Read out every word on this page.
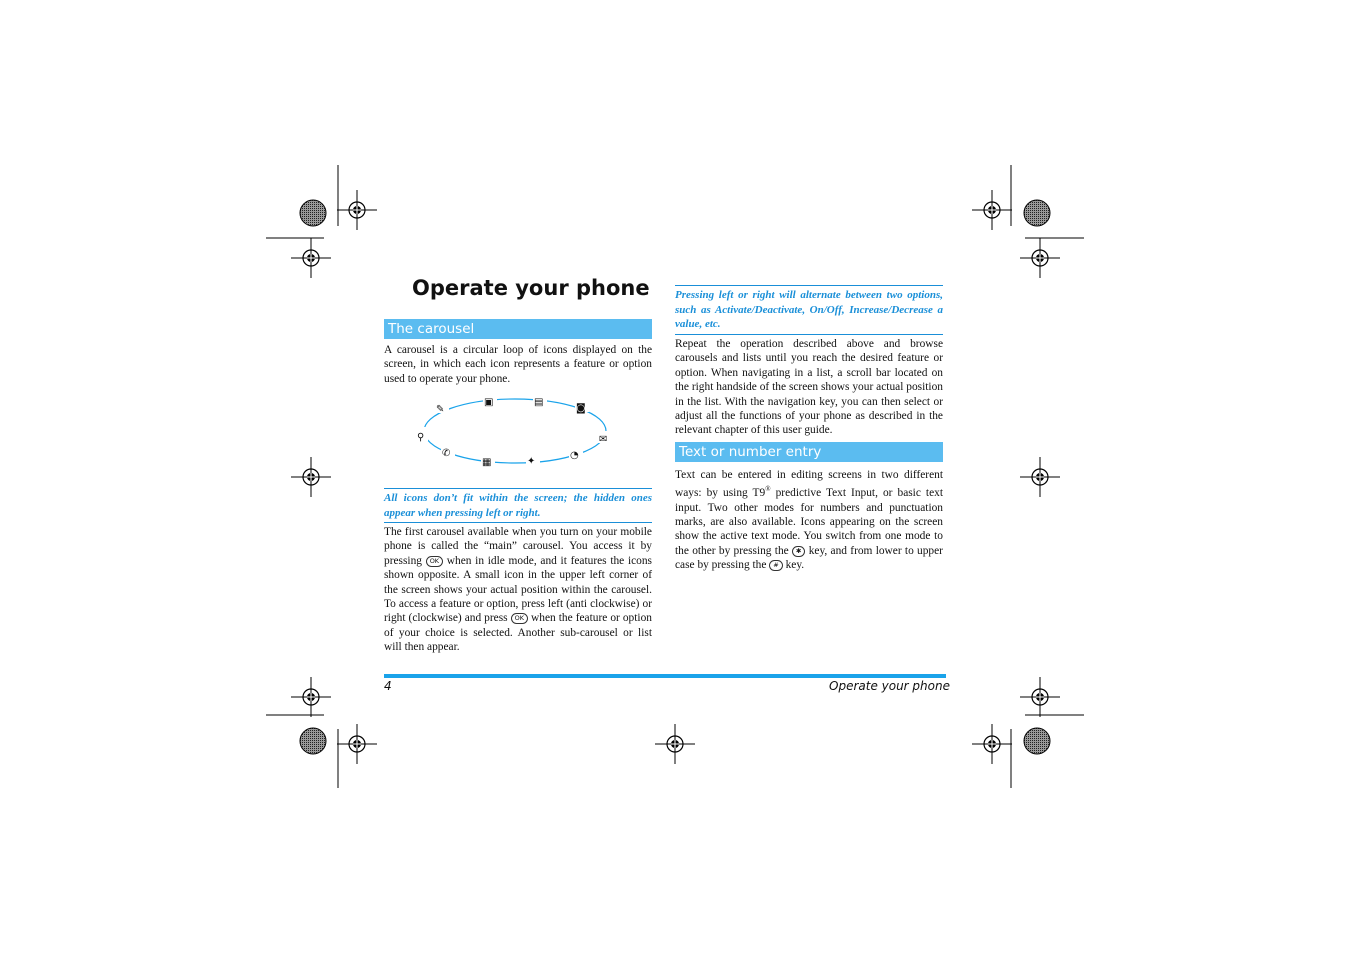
Operate your phone
The carousel

A carousel is a circular loop of icons displayed on the screen, in which each icon represents a feature or option used to operate your phone.

✎
▣	▤
◙
✉
⚲
✆
▦	✦
◔
All icons don’t fit within the screen; the hidden ones appear when pressing left or right.

The first carousel available when you turn on your mobile phone is called the “main” carousel. You access it by pressing OK when in idle mode, and it features the icons shown opposite. A small icon in the upper left corner of the screen shows your actual position within the carousel. To access a feature or option, press left (anti clockwise) or right (clockwise) and press OK when the feature or option of your choice is selected. Another sub-carousel or list will then appear.

Pressing left or right will alternate between two options, such as Activate/Deactivate, On/Off, Increase/Decrease a value, etc.

Repeat the operation described above and browse carousels and lists until you reach the desired feature or option. When navigating in a list, a scroll bar located on the right handside of the screen shows your actual position in the list. With the navigation key, you can then select or adjust all the functions of your phone as described in the relevant chapter of this user guide.

Text or number entry

Text can be entered in editing screens in two different ways: by using T9® predictive Text Input, or basic text input. Two other modes for numbers and punctuation marks, are also available. Icons appearing on the screen show the active text mode. You switch from one mode to the other by pressing the ✱ key, and from lower to upper case by pressing the # key.

4	Operate your phone
